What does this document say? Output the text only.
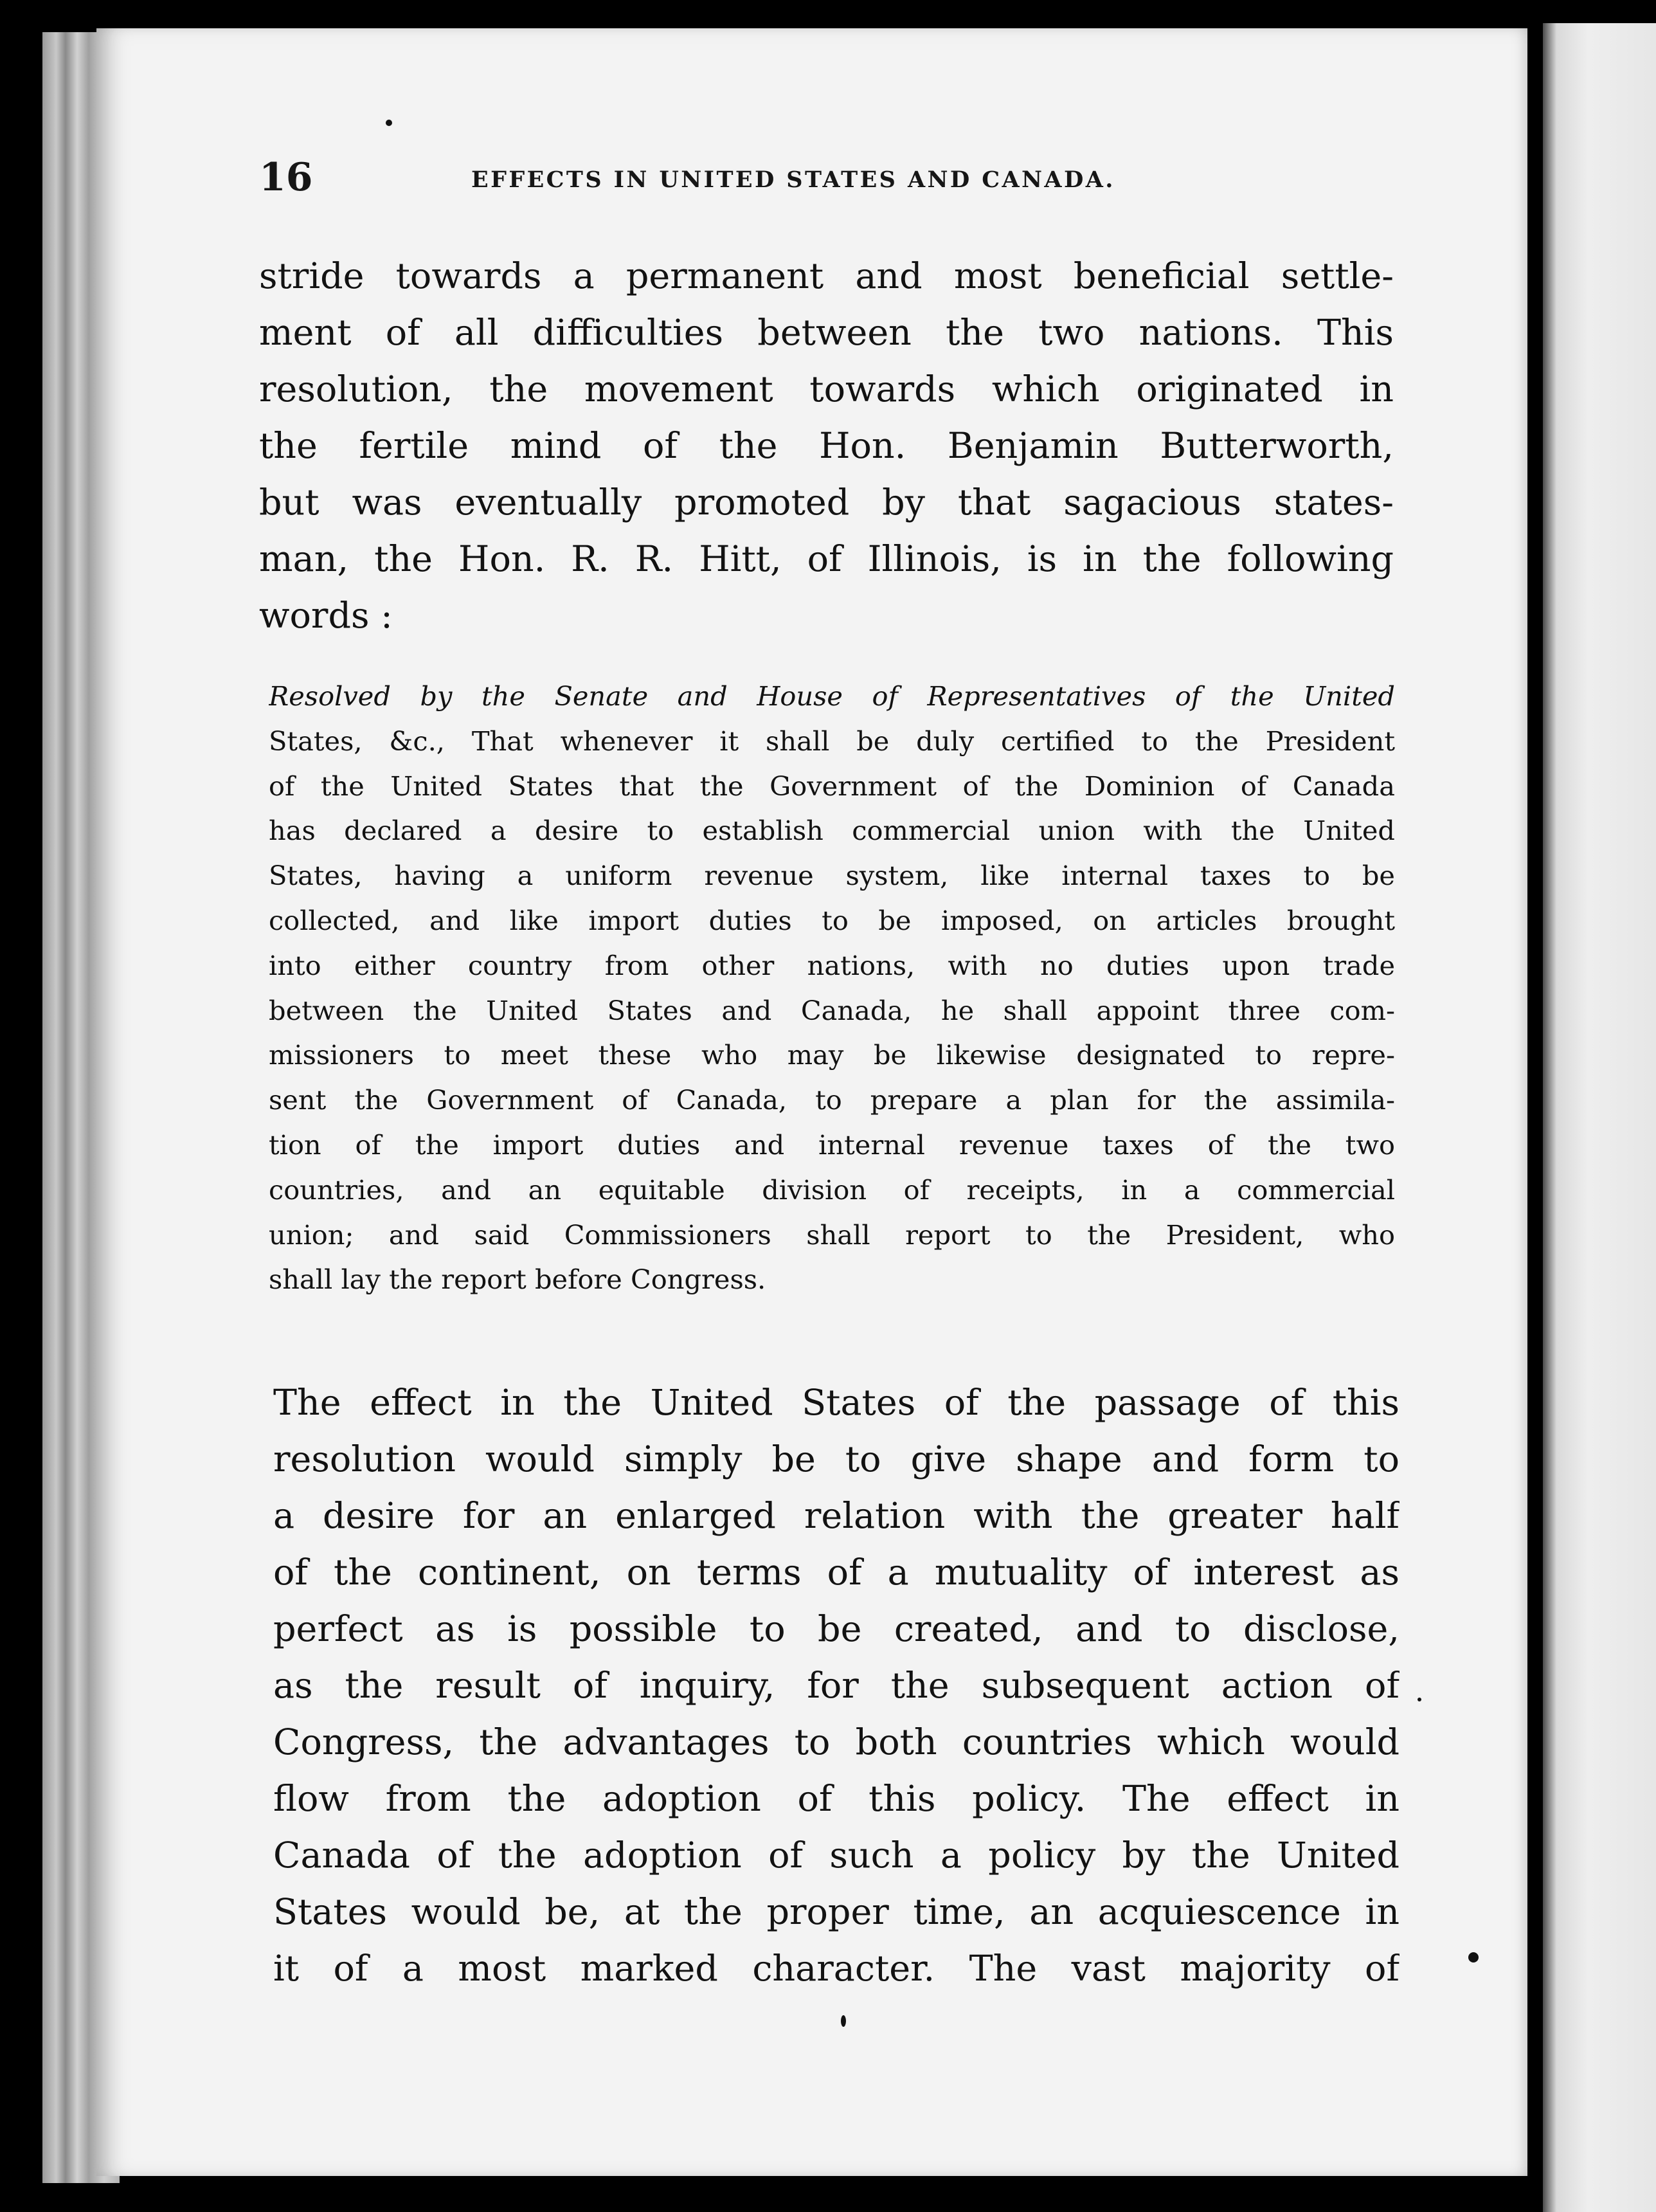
16	EFFECTS IN UNITED STATES AND CANADA.
stride towards a permanent and most beneficial settle-
ment of all difficulties between the two nations. This
resolution, the movement towards which originated in
the fertile mind of the Hon. Benjamin Butterworth,
but was eventually promoted by that sagacious states-
man, the Hon. R. R. Hitt, of Illinois, is in the following
words :
Resolved by the Senate and House of Representatives of the United
States, &c., That whenever it shall be duly certified to the President
of the United States that the Government of the Dominion of Canada
has declared a desire to establish commercial union with the United
States, having a uniform revenue system, like internal taxes to be
collected, and like import duties to be imposed, on articles brought
into either country from other nations, with no duties upon trade
between the United States and Canada, he shall appoint three com-
missioners to meet these who may be likewise designated to repre-
sent the Government of Canada, to prepare a plan for the assimila-
tion of the import duties and internal revenue taxes of the two
countries, and an equitable division of receipts, in a commercial
union; and said Commissioners shall report to the President, who
shall lay the report before Congress.
The effect in the United States of the passage of this
resolution would simply be to give shape and form to
a desire for an enlarged relation with the greater half
of the continent, on terms of a mutuality of interest as
perfect as is possible to be created, and to disclose,
as the result of inquiry, for the subsequent action of
Congress, the advantages to both countries which would
flow from the adoption of this policy. The effect in
Canada of the adoption of such a policy by the United
States would be, at the proper time, an acquiescence in
it of a most marked character. The vast majority of
